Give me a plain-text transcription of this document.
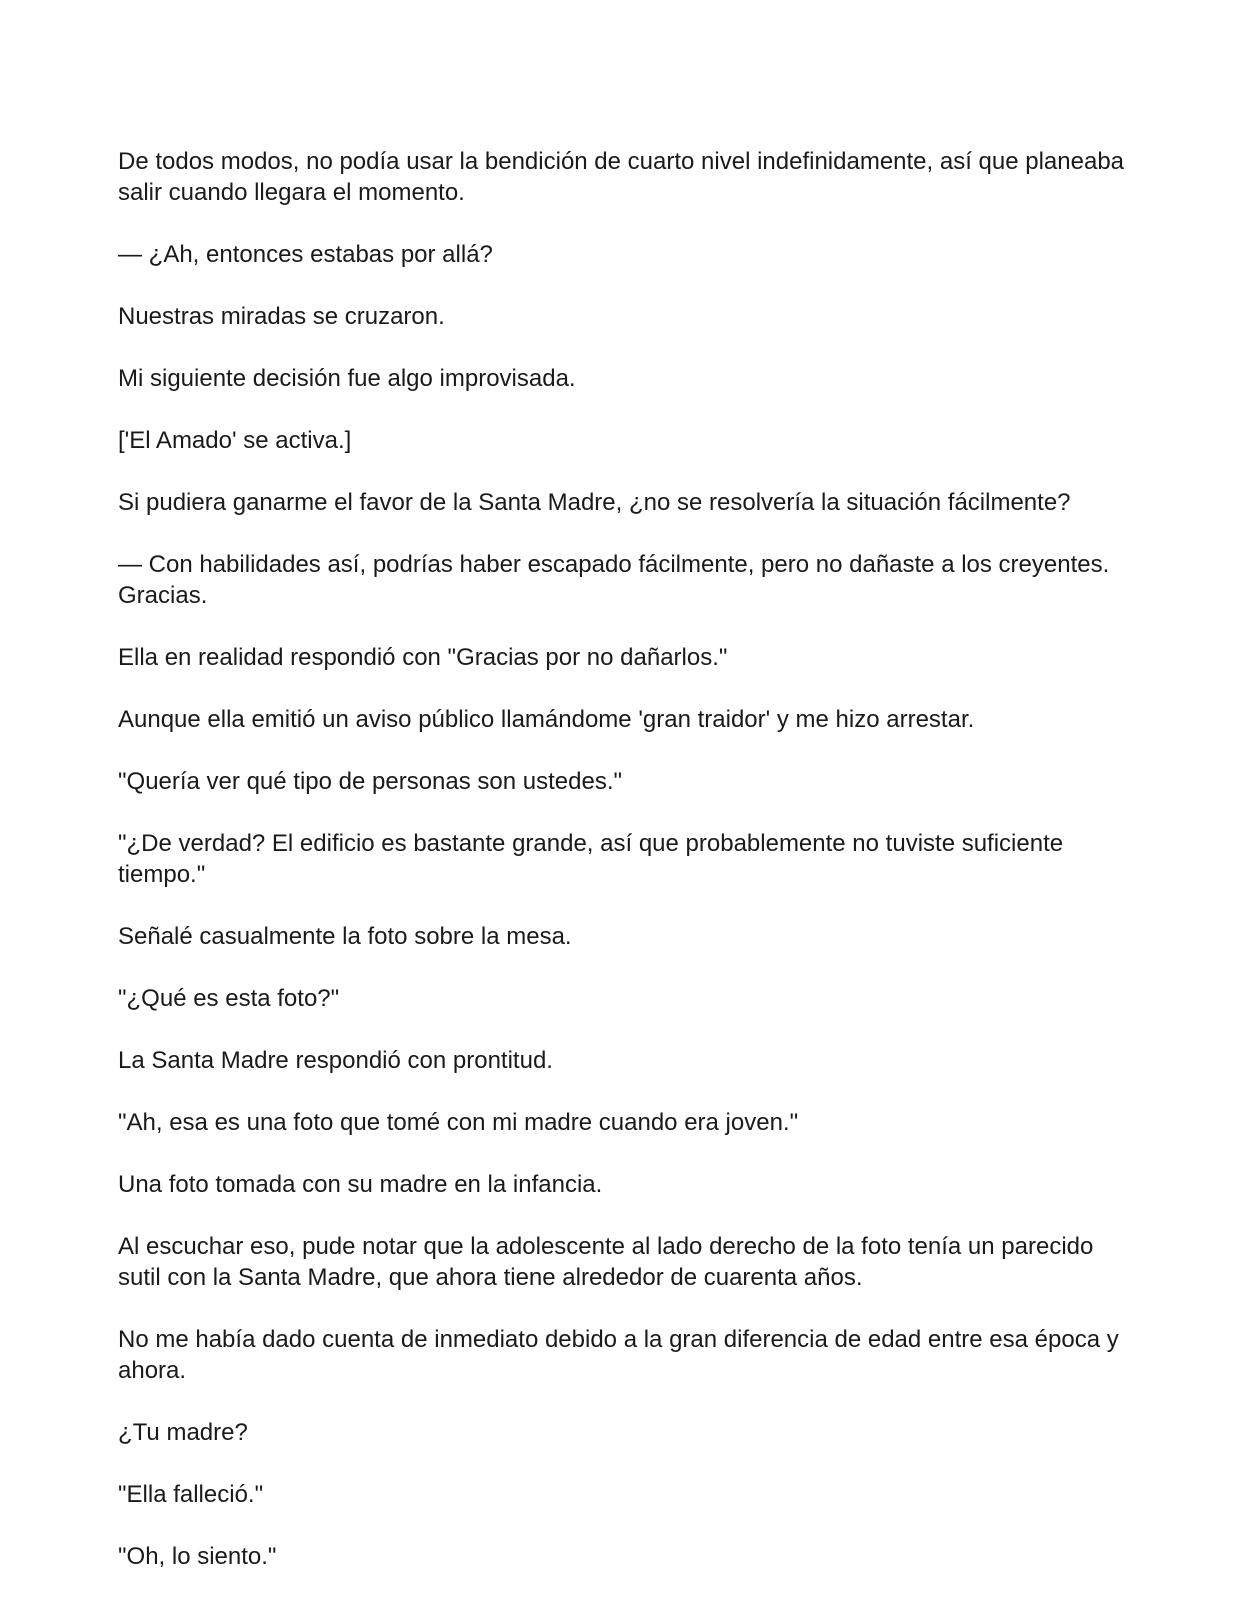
De todos modos, no podía usar la bendición de cuarto nivel indefinidamente, así que planeaba salir cuando llegara el momento.

— ¿Ah, entonces estabas por allá?

Nuestras miradas se cruzaron.

Mi siguiente decisión fue algo improvisada.

['El Amado' se activa.]

Si pudiera ganarme el favor de la Santa Madre, ¿no se resolvería la situación fácilmente?

— Con habilidades así, podrías haber escapado fácilmente, pero no dañaste a los creyentes. Gracias.

Ella en realidad respondió con "Gracias por no dañarlos."

Aunque ella emitió un aviso público llamándome 'gran traidor' y me hizo arrestar.

"Quería ver qué tipo de personas son ustedes."

"¿De verdad? El edificio es bastante grande, así que probablemente no tuviste suficiente tiempo."

Señalé casualmente la foto sobre la mesa.

"¿Qué es esta foto?"

La Santa Madre respondió con prontitud.

"Ah, esa es una foto que tomé con mi madre cuando era joven."

Una foto tomada con su madre en la infancia.

Al escuchar eso, pude notar que la adolescente al lado derecho de la foto tenía un parecido sutil con la Santa Madre, que ahora tiene alrededor de cuarenta años.

No me había dado cuenta de inmediato debido a la gran diferencia de edad entre esa época y ahora.

¿Tu madre?

"Ella falleció."

"Oh, lo siento."
